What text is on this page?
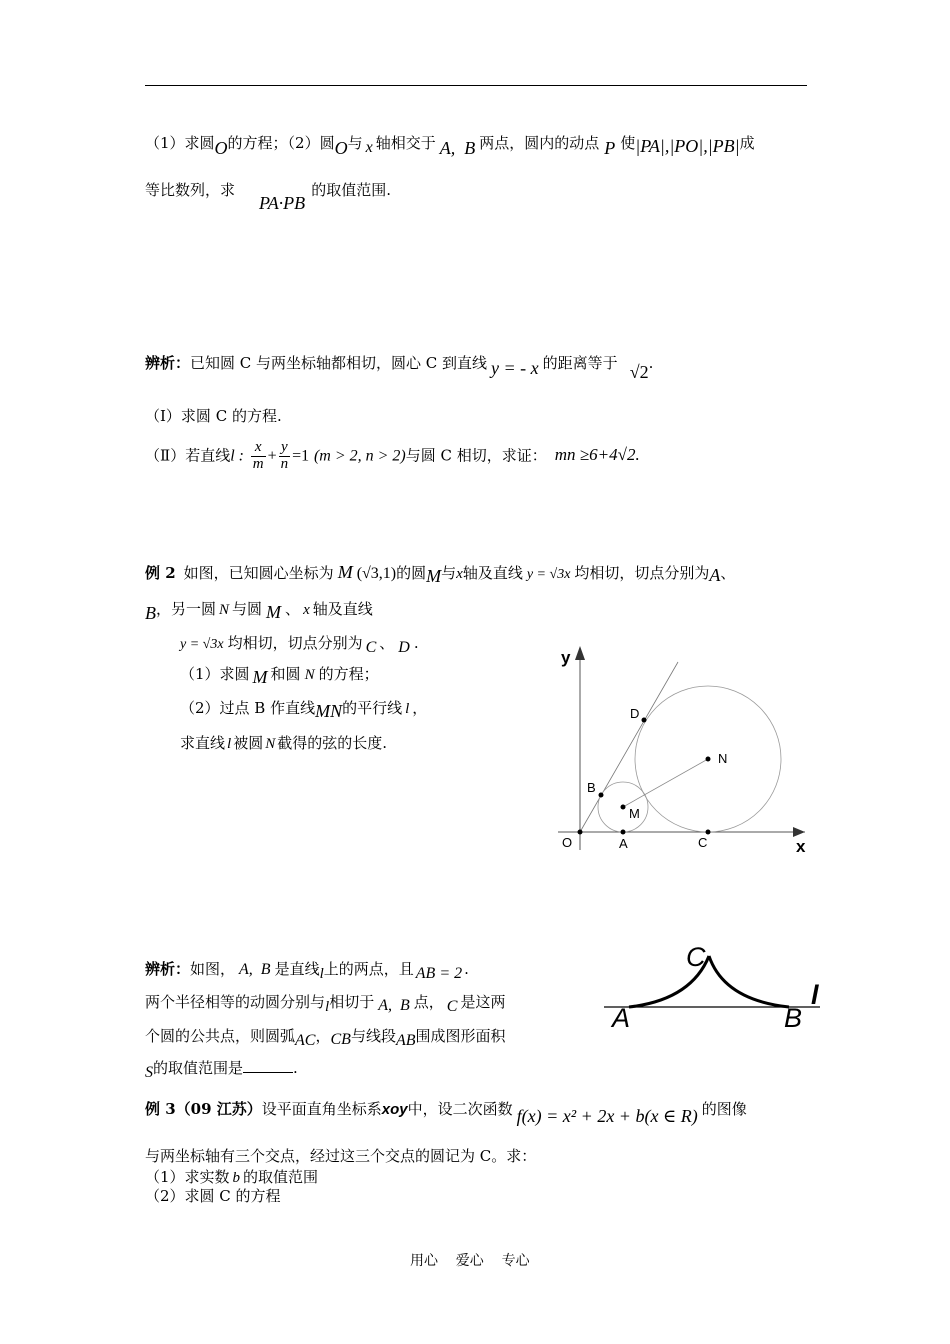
（1）求圆O的方程；（2）圆O与 x 轴相交于 A,  B 两点，圆内的动点 P 使|PA|,|PO|,|PB|成
等比数列，求PA·PB的取值范围.
辨析：已知圆 C 与两坐标轴都相切，圆心 C 到直线 y = - x 的距离等于 √2.
（Ⅰ）求圆 C 的方程.
（Ⅱ）若直线l : $\frac{x}{m} + \frac{y}{n} =1$ (m > 2, n > 2)与圆 C 相切，求证： mn ≥6+4√2.
例 2 如图，已知圆心坐标为 M (√3,1)的圆M与x轴及直线 y = √3x 均相切，切点分别为A、
B，另一圆 N 与圆 M 、 x 轴及直线
y = √3x 均相切，切点分别为 C 、 D .
（1）求圆 M 和圆 N 的方程；
（2）过点 B 作直线MN的平行线 l ，
求直线 l 被圆 N 截得的弦的长度.
y
x
O	A	C
B
M
D
N
辨析：如图， A,  B 是直线l上的两点，且 AB = 2 .
两个半径相等的动圆分别与l相切于 A,  B 点， C 是这两
个圆的公共点，则圆弧AC，CB与线段AB围成图形面积
S的取值范围是	.
C
A	B
l
例 3（09 江苏）设平面直角坐标系xoy中，设二次函数 f(x) = x² + 2x + b(x ∈ R) 的图像
与两坐标轴有三个交点，经过这三个交点的圆记为 C。求：
（1）求实数 b 的取值范围
（2）求圆 C 的方程
用心    爱心    专心
